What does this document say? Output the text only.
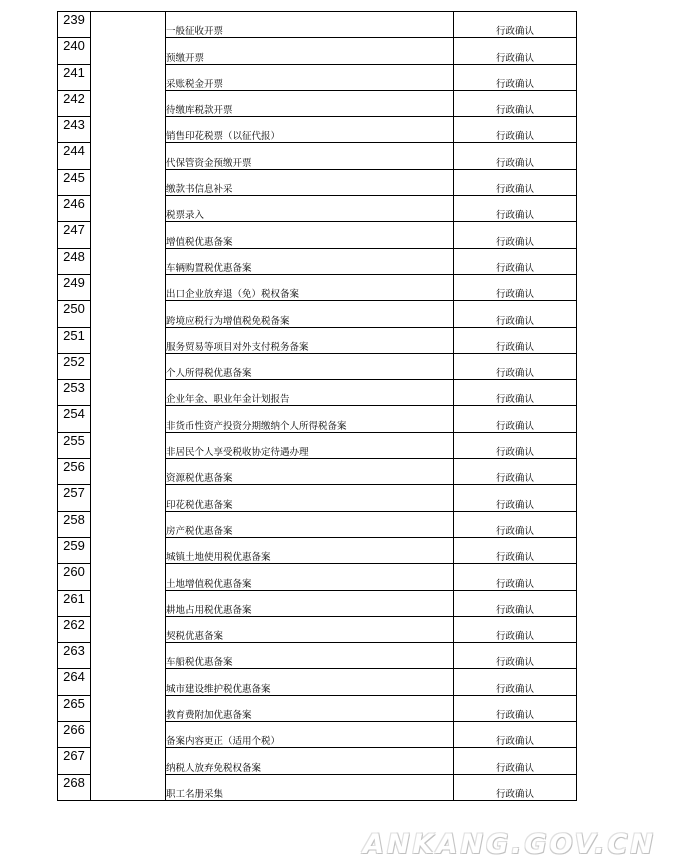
239		一般征收开票	行政确认
240		预缴开票	行政确认
241		采账税金开票	行政确认
242		待缴库税款开票	行政确认
243		销售印花税票（以征代报）	行政确认
244		代保管资金预缴开票	行政确认
245		缴款书信息补采	行政确认
246		税票录入	行政确认
247		增值税优惠备案	行政确认
248		车辆购置税优惠备案	行政确认
249		出口企业放弃退（免）税权备案	行政确认
250		跨境应税行为增值税免税备案	行政确认
251		服务贸易等项目对外支付税务备案	行政确认
252		个人所得税优惠备案	行政确认
253		企业年金、职业年金计划报告	行政确认
254		非货币性资产投资分期缴纳个人所得税备案	行政确认
255		非居民个人享受税收协定待遇办理	行政确认
256		资源税优惠备案	行政确认
257		印花税优惠备案	行政确认
258		房产税优惠备案	行政确认
259		城镇土地使用税优惠备案	行政确认
260		土地增值税优惠备案	行政确认
261		耕地占用税优惠备案	行政确认
262		契税优惠备案	行政确认
263		车船税优惠备案	行政确认
264		城市建设维护税优惠备案	行政确认
265		教育费附加优惠备案	行政确认
266		备案内容更正（适用个税）	行政确认
267		纳税人放弃免税权备案	行政确认
268		职工名册采集	行政确认
ANKANG.GOV.CN
